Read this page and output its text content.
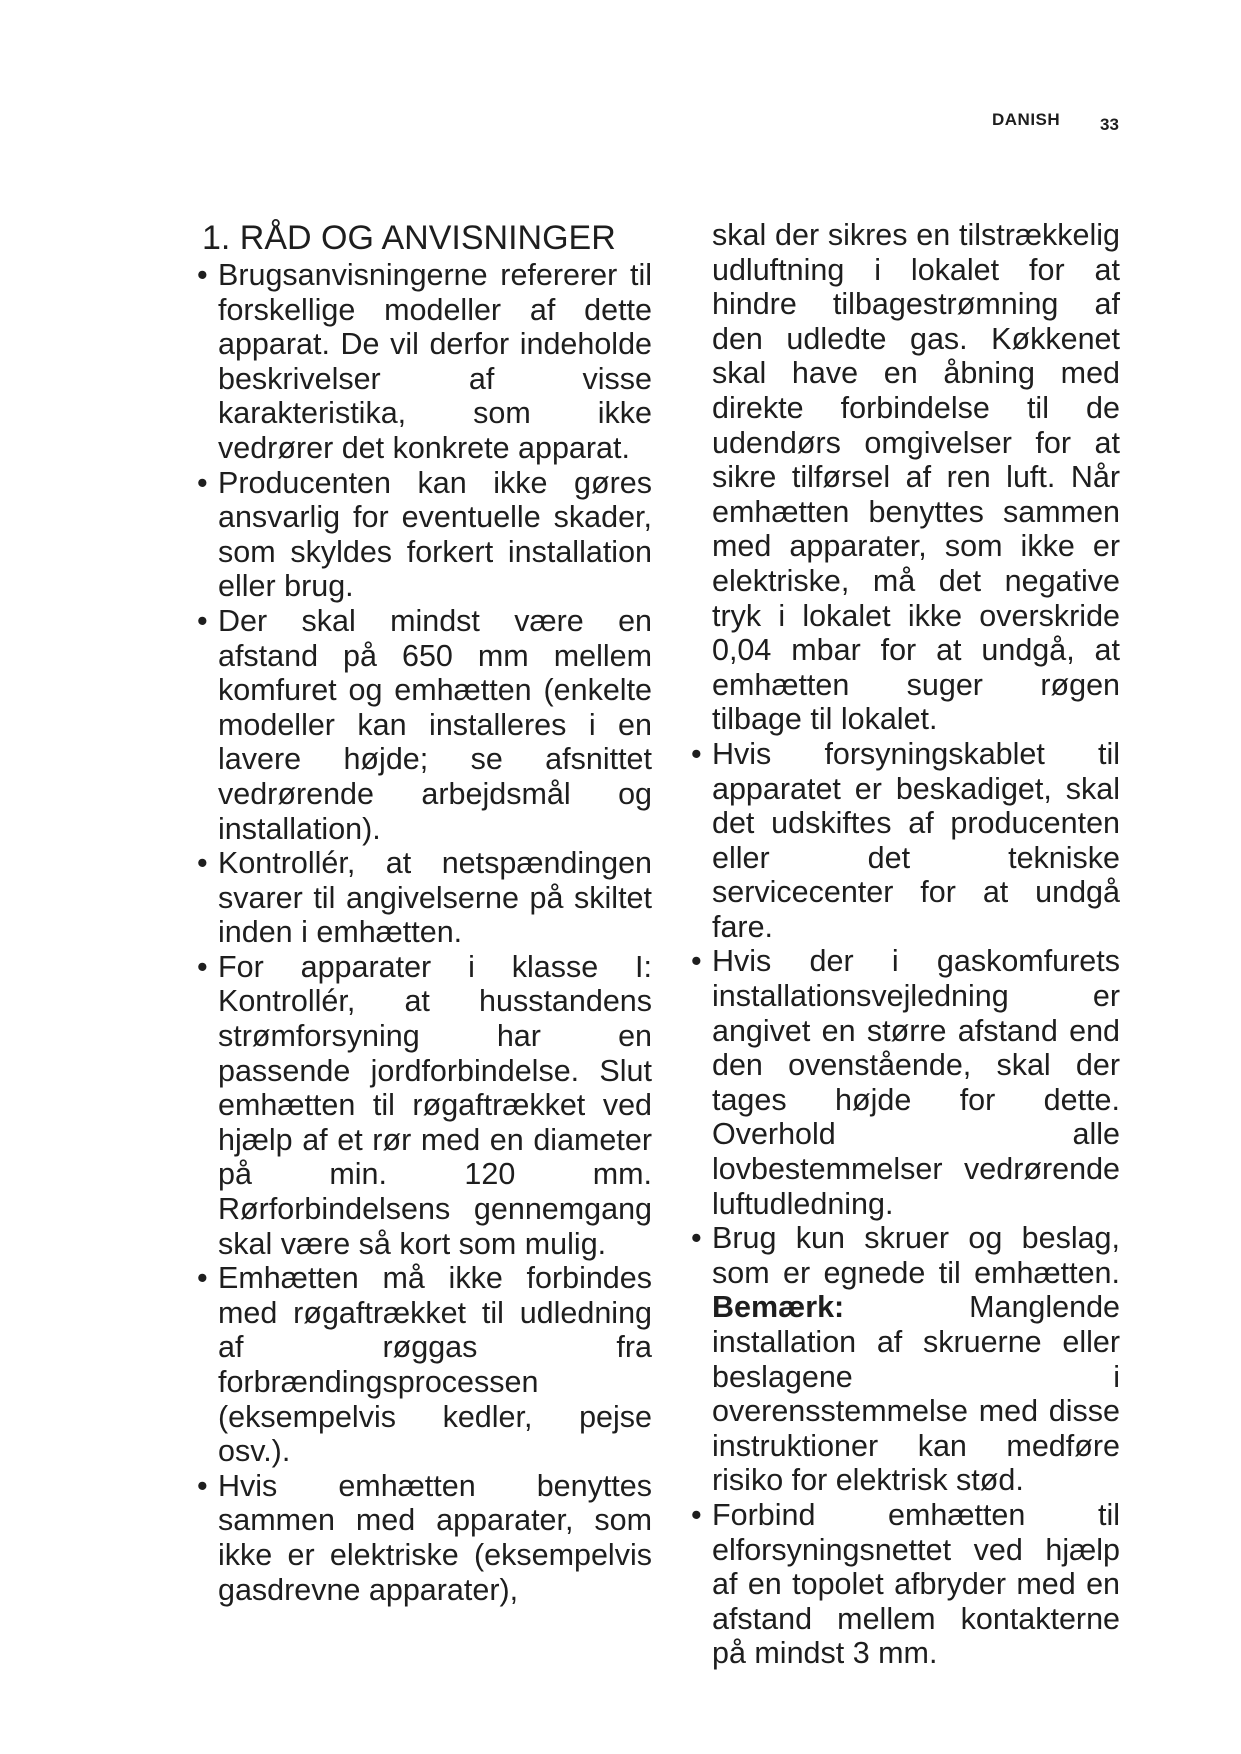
DANISH 33
1. RÅD OG ANVISNINGER
• Brugsanvisningerne refererer til forskellige modeller af dette apparat. De vil derfor indeholde beskrivelser af visse karakteristika, som ikke vedrører det konkrete apparat.
• Producenten kan ikke gøres ansvarlig for eventuelle skader, som skyldes forkert installation eller brug.
• Der skal mindst være en afstand på 650 mm mellem komfuret og emhætten (enkelte modeller kan installeres i en lavere højde; se afsnittet vedrørende arbejdsmål og installation).
• Kontrollér, at netspændingen svarer til angivelserne på skiltet inden i emhætten.
• For apparater i klasse I: Kontrollér, at husstandens strømforsyning har en passende jordforbindelse. Slut emhætten til røgaftrækket ved hjælp af et rør med en diameter på min. 120 mm. Rørforbindelsens gennemgang skal være så kort som mulig.
• Emhætten må ikke forbindes med røgaftrækket til udledning af røggas fra forbrændingsprocessen (eksempelvis kedler, pejse osv.).
• Hvis emhætten benyttes sammen med apparater, som ikke er elektriske (eksempelvis gasdrevne apparater),

skal der sikres en tilstrækkelig udluftning i lokalet for at hindre tilbagestrømning af den udledte gas. Køkkenet skal have en åbning med direkte forbindelse til de udendørs omgivelser for at sikre tilførsel af ren luft. Når emhætten benyttes sammen med apparater, som ikke er elektriske, må det negative tryk i lokalet ikke overskride 0,04 mbar for at undgå, at emhætten suger røgen tilbage til lokalet.

• Hvis forsyningskablet til apparatet er beskadiget, skal det udskiftes af producenten eller det tekniske servicecenter for at undgå fare.
• Hvis der i gaskomfurets installationsvejledning er angivet en større afstand end den ovenstående, skal der tages højde for dette. Overhold alle lovbestemmelser vedrørende luftudledning.
• Brug kun skruer og beslag, som er egnede til emhætten. Bemærk:	Manglende installation af skruerne eller beslagene i overensstemmelse med disse instruktioner kan medføre risiko for elektrisk stød.
• Forbind emhætten til elforsyningsnettet ved hjælp af en topolet afbryder med en afstand mellem kontakterne på mindst 3 mm.
